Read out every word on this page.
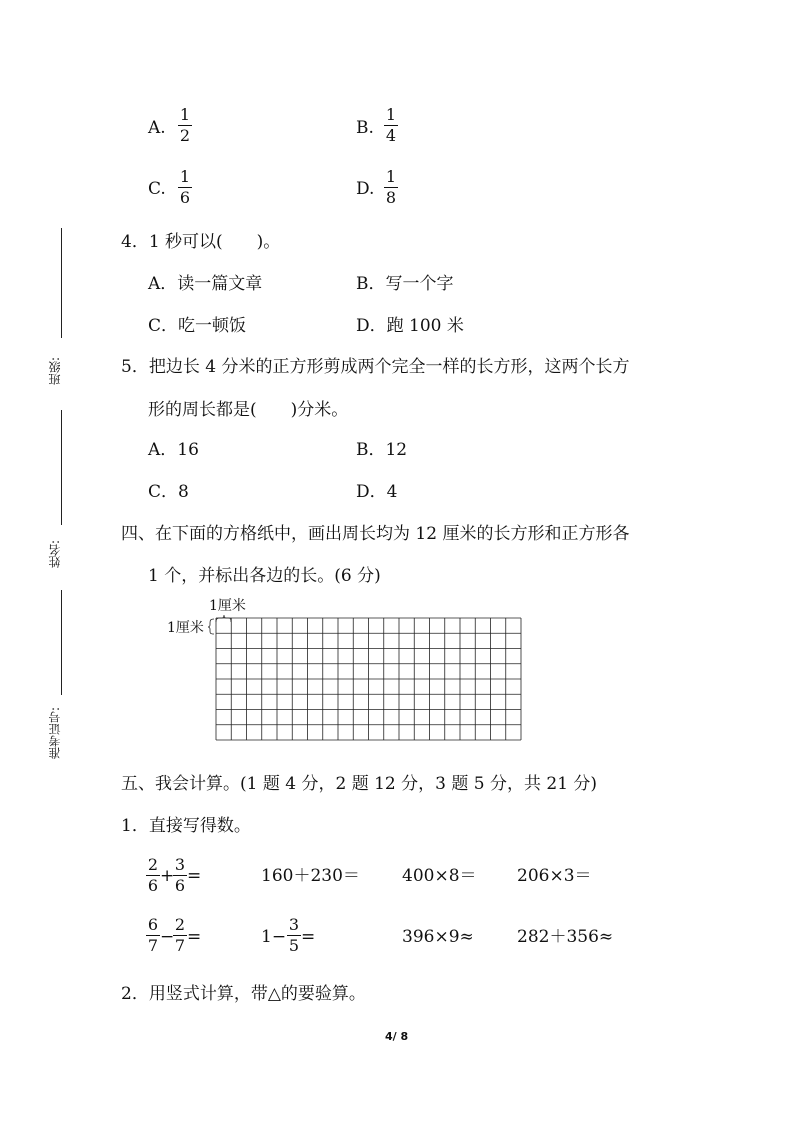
班级:
姓名:
准考证号:
A.
1
2	B.
1
4
C.
1
6	D.
1
8
4．1 秒可以(　　)。
A．读一篇文章	B．写一个字
C．吃一顿饭	D．跑 100 米
5．把边长 4 分米的正方形剪成两个完全一样的长方形，这两个长方
形的周长都是(　　)分米。
A．16	B．12
C．8	D．4
四、在下面的方格纸中，画出周长均为 12 厘米的长方形和正方形各
1 个，并标出各边的长。(6 分)
1厘米
1厘米
五、我会计算。(1 题 4 分，2 题 12 分，3 题 5 分，共 21 分)
1．直接写得数。
2
6 +
3
6 =	160＋230＝ 400×8＝ 206×3＝
6
7 −
2
7 =	1−
3
5 =	396×9≈	282＋356≈
2．用竖式计算，带△的要验算。
4/ 8
